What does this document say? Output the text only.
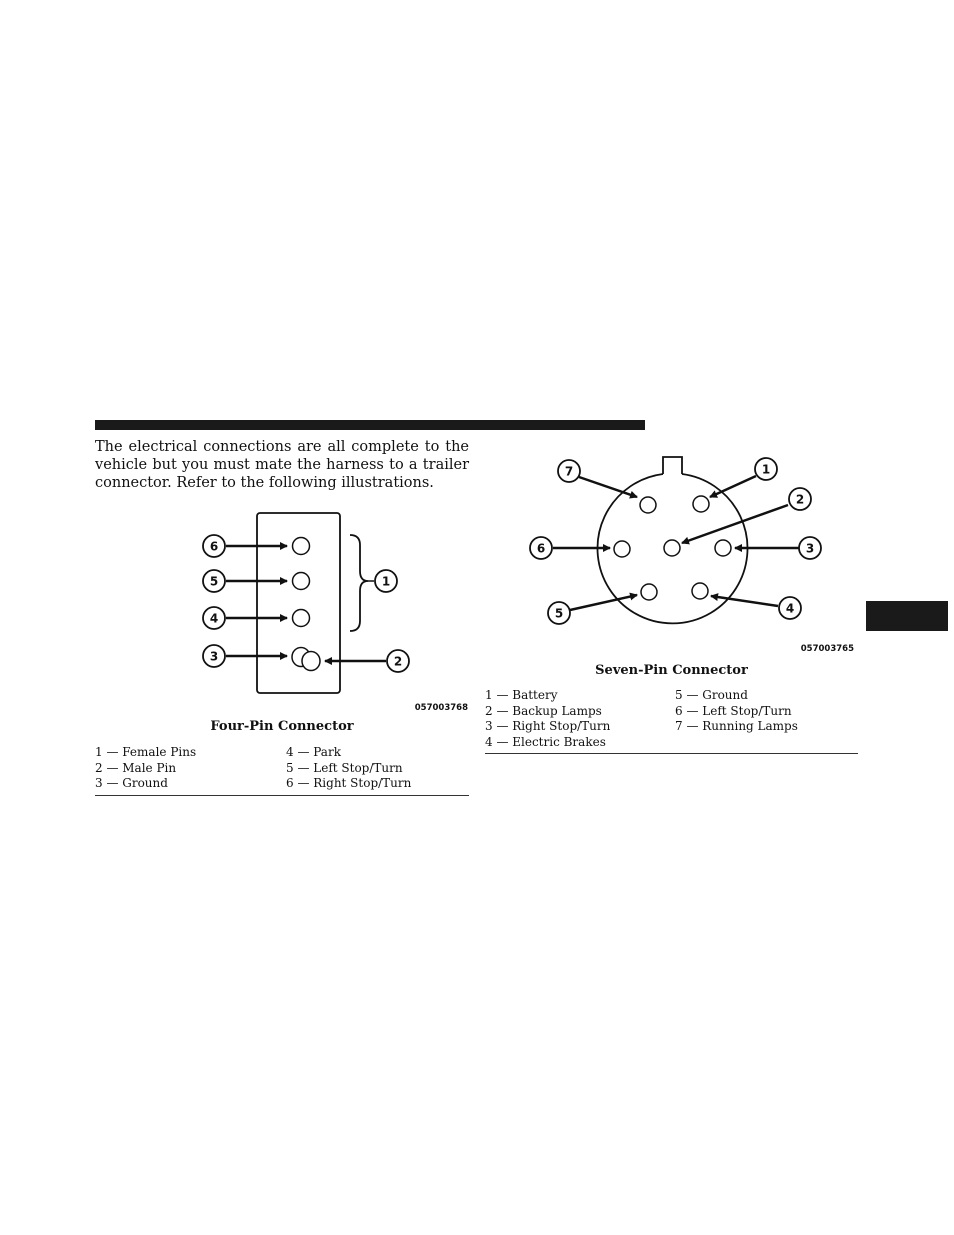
The electrical connections are all complete to the vehicle but you must mate the harness to a trailer connector. Refer to the following illustrations.

1
2
3
4
5
6
057003768

Four-Pin Connector

1 — Female Pins
2 — Male Pin
3 — Ground
4 — Park
5 — Left Stop/Turn
6 — Right Stop/Turn
1
2
3
4
5
6
7
057003765

Seven-Pin Connector

1 — Battery
2 — Backup Lamps
3 — Right Stop/Turn
4 — Electric Brakes
5 — Ground
6 — Left Stop/Turn
7 — Running Lamps
